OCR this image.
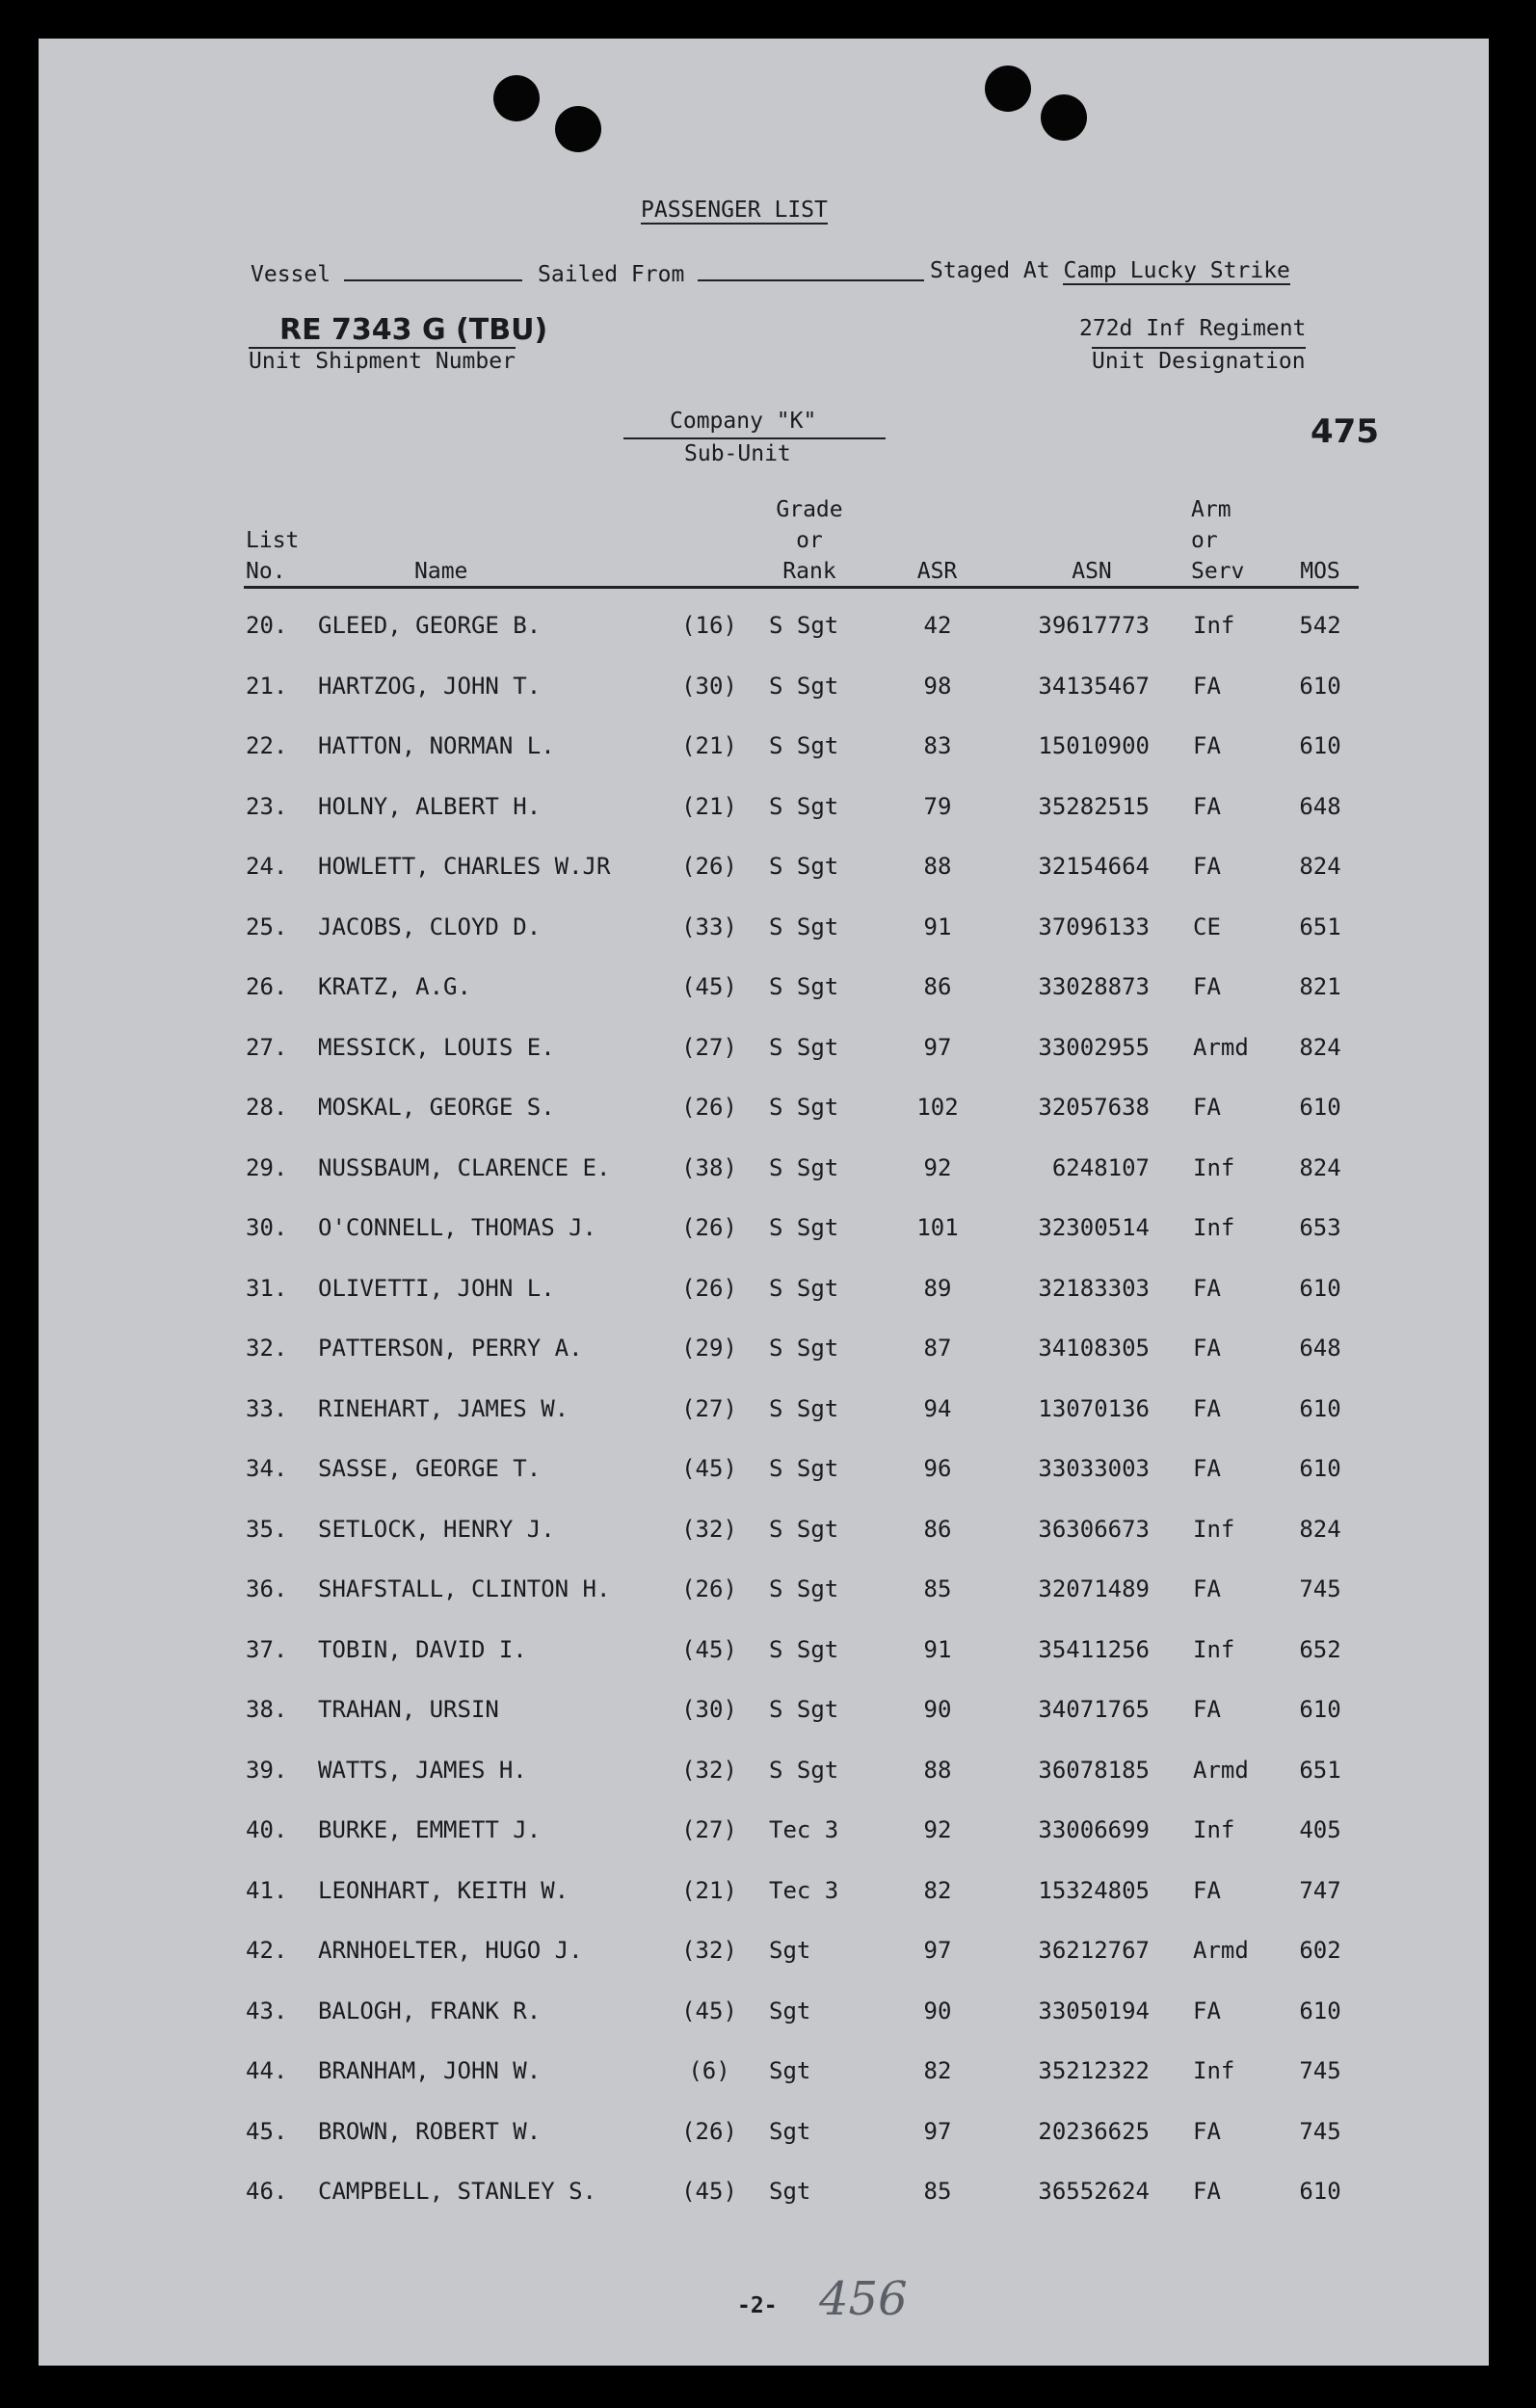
PASSENGER LIST
Vessel	Sailed From	Staged At Camp Lucky Strike
RE 7343 G (TBU)
Unit Shipment Number
272d Inf Regiment
Unit Designation
Company "K"
Sub-Unit
475
List
No.	Name
Grade
or
Rank	ASR	ASN
Arm
or
Serv	MOS
20. GLEED, GEORGE B.	(16) S Sgt	42	39617773 Inf	542
21. HARTZOG, JOHN T.	(30) S Sgt	98	34135467 FA	610
22. HATTON, NORMAN L.	(21) S Sgt	83	15010900 FA	610
23. HOLNY, ALBERT H.	(21) S Sgt	79	35282515 FA	648
24. HOWLETT, CHARLES W.JR	(26) S Sgt	88	32154664 FA	824
25. JACOBS, CLOYD D.	(33) S Sgt	91	37096133 CE	651
26. KRATZ, A.G.	(45) S Sgt	86	33028873 FA	821
27. MESSICK, LOUIS E.	(27) S Sgt	97	33002955 Armd	824
28. MOSKAL, GEORGE S.	(26) S Sgt	102	32057638 FA	610
29. NUSSBAUM, CLARENCE E.	(38) S Sgt	92	6248107 Inf	824
30. O'CONNELL, THOMAS J.	(26) S Sgt	101	32300514 Inf	653
31. OLIVETTI, JOHN L.	(26) S Sgt	89	32183303 FA	610
32. PATTERSON, PERRY A.	(29) S Sgt	87	34108305 FA	648
33. RINEHART, JAMES W.	(27) S Sgt	94	13070136 FA	610
34. SASSE, GEORGE T.	(45) S Sgt	96	33033003 FA	610
35. SETLOCK, HENRY J.	(32) S Sgt	86	36306673 Inf	824
36. SHAFSTALL, CLINTON H.	(26) S Sgt	85	32071489 FA	745
37. TOBIN, DAVID I.	(45) S Sgt	91	35411256 Inf	652
38. TRAHAN, URSIN	(30) S Sgt	90	34071765 FA	610
39. WATTS, JAMES H.	(32) S Sgt	88	36078185 Armd	651
40. BURKE, EMMETT J.	(27) Tec 3	92	33006699 Inf	405
41. LEONHART, KEITH W.	(21) Tec 3	82	15324805 FA	747
42. ARNHOELTER, HUGO J.	(32) Sgt	97	36212767 Armd	602
43. BALOGH, FRANK R.	(45) Sgt	90	33050194 FA	610
44. BRANHAM, JOHN W.	(6)	Sgt	82	35212322 Inf	745
45. BROWN, ROBERT W.	(26) Sgt	97	20236625 FA	745
46. CAMPBELL, STANLEY S.	(45) Sgt	85	36552624 FA	610
-2- 456
